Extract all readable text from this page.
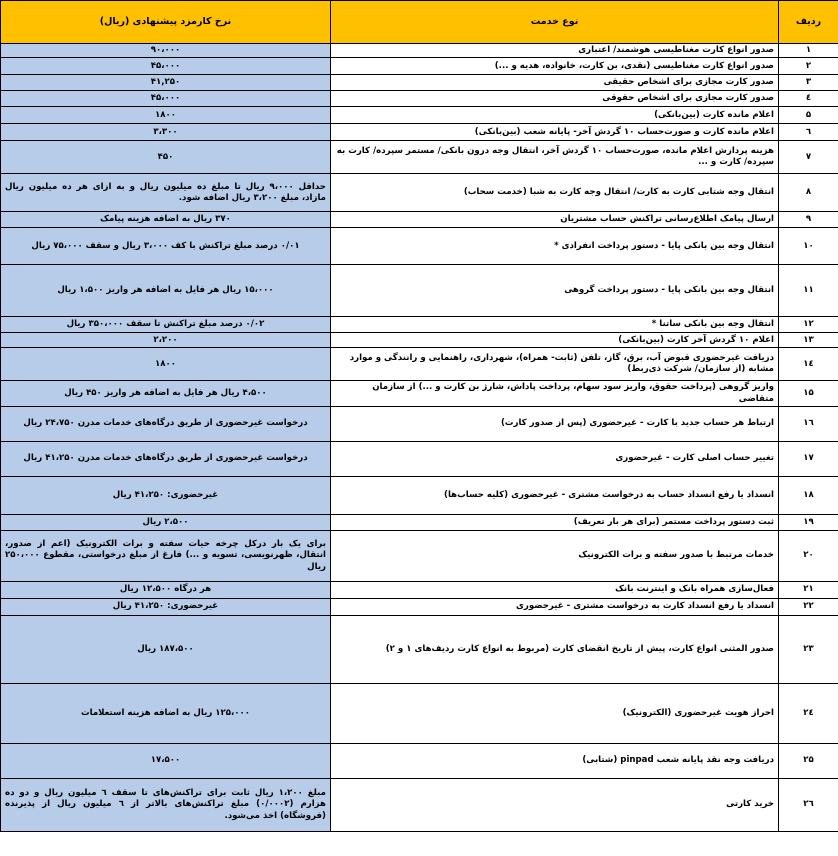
ردیف	نوع خدمت	نرخ کارمزد پیشنهادی (ریال)
۱	صدور انواع کارت مغناطیسی هوشمند/ اعتباری	۹۰،۰۰۰
۲	صدور انواع کارت مغناطیسی (نقدی، بن کارت، خانواده، هدیه و ...)	۴۵،۰۰۰
۳	صدور کارت مجازی برای اشخاص حقیقی	۴۱,۲۵۰
٤	صدور کارت مجازی برای اشخاص حقوقی	۴۵،۰۰۰
۵	اعلام مانده کارت (بین‌بانکی)	۱۸۰۰
٦	اعلام مانده کارت و صورت‌حساب ۱۰ گردش آخر- پایانه شعب (بین‌بانکی)	۳،۳۰۰
۷	هزینه پردازش اعلام مانده، صورت‌حساب ۱۰ گردش آخر، انتقال وجه درون بانکی/ مستمر سپرده/ کارت به سپرده/ کارت و ...	۴۵۰
۸	انتقال وجه شتابی کارت به کارت/ انتقال وجه کارت به شبا (خدمت سحاب)	حداقل ۹،۰۰۰ ریال تا مبلغ ده میلیون ریال و به ازای هر ده میلیون ریال مازاد، مبلغ ۳،۲۰۰ ریال اضافه شود.
۹	ارسال پیامک اطلاع‌رسانی تراکنش حساب مشتریان	۳۷۰ ریال به اضافه هزینه پیامک
۱۰	انتقال وجه بین بانکی پایا - دستور پرداخت انفرادی *	۰/۰۱ درصد مبلغ تراکنش با کف ۳،۰۰۰ ریال و سقف ۷۵،۰۰۰ ریال
۱۱	انتقال وجه بین بانکی پایا - دستور پرداخت گروهی	۱۵،۰۰۰ ریال هر فایل به اضافه هر واریز ۱،۵۰۰ ریال
۱۲	انتقال وجه بین بانکی ساتنا *	۰/۰۲ درصد مبلغ تراکنش تا سقف ۳۵۰،۰۰۰ ریال
۱۳	اعلام ۱۰ گردش آخر کارت (بین‌بانکی)	۲،۲۰۰
١٤	دریافت غیرحضوری قبوض آب، برق، گاز، تلفن (ثابت- همراه)، شهرداری، راهنمایی و رانندگی و موارد مشابه (از سازمان/ شرکت ذی‌ربط)	۱۸۰۰
۱۵	واریز گروهی (پرداخت حقوق، واریز سود سهام، پرداخت پاداش، شارژ بن کارت و ...) از سازمان متقاضی	۴،۵۰۰ ریال هر فایل به اضافه هر واریز ۴۵۰ ریال
١٦	ارتباط هر حساب جدید با کارت - غیرحضوری (پس از صدور کارت)	درخواست غیرحضوری از طریق درگاه‌های خدمات مدرن ۲۴،۷۵۰ ریال
۱۷	تغییر حساب اصلی کارت - غیرحضوری	درخواست غیرحضوری از طریق درگاه‌های خدمات مدرن ۴۱،۲۵۰ ریال
۱۸	انسداد یا رفع انسداد حساب به درخواست مشتری - غیرحضوری (کلیه حساب‌ها)	غیرحضوری: ۴۱،۲۵۰ ریال
۱۹	ثبت دستور پرداخت مستمر (برای هر بار تعریف)	۲،۵۰۰ ریال
۲۰	خدمات مرتبط با صدور سفته و برات الکترونیک	برای یک بار درکل چرخه حیات سفته و برات الکترونیک (اعم از صدور، انتقال، ظهرنویسی، تسویه و ...) فارغ از مبلغ درخواستی، مقطوع ۲۵۰،۰۰۰ ریال
۲۱	فعال‌سازی همراه بانک و اینترنت بانک	هر درگاه ۱۲،۵۰۰ ریال
۲۲	انسداد یا رفع انسداد کارت به درخواست مشتری - غیرحضوری	غیرحضوری: ۴۱،۲۵۰ ریال
۲۳	صدور المثنی انواع کارت، پیش از تاریخ انقضای کارت (مربوط به انواع کارت ردیف‌های ۱ و ۲)	۱۸۷،۵۰۰ ریال
٢٤	احراز هویت غیرحضوری (الکترونیک)	۱۲۵،۰۰۰ ریال به اضافه هزینه استعلامات
۲۵	دریافت وجه نقد پایانه شعب pinpad (شتابی)	۱۷،۵۰۰
۲٦	خرید کارتی	مبلغ ۱،۲۰۰ ریال ثابت برای تراکنش‌های تا سقف ٦ میلیون ریال و دو ده هزارم (۰/۰۰۰۲) مبلغ تراکنش‌های بالاتر از ٦ میلیون ریال از پذیرنده (فروشگاه) اخذ می‌شود.
